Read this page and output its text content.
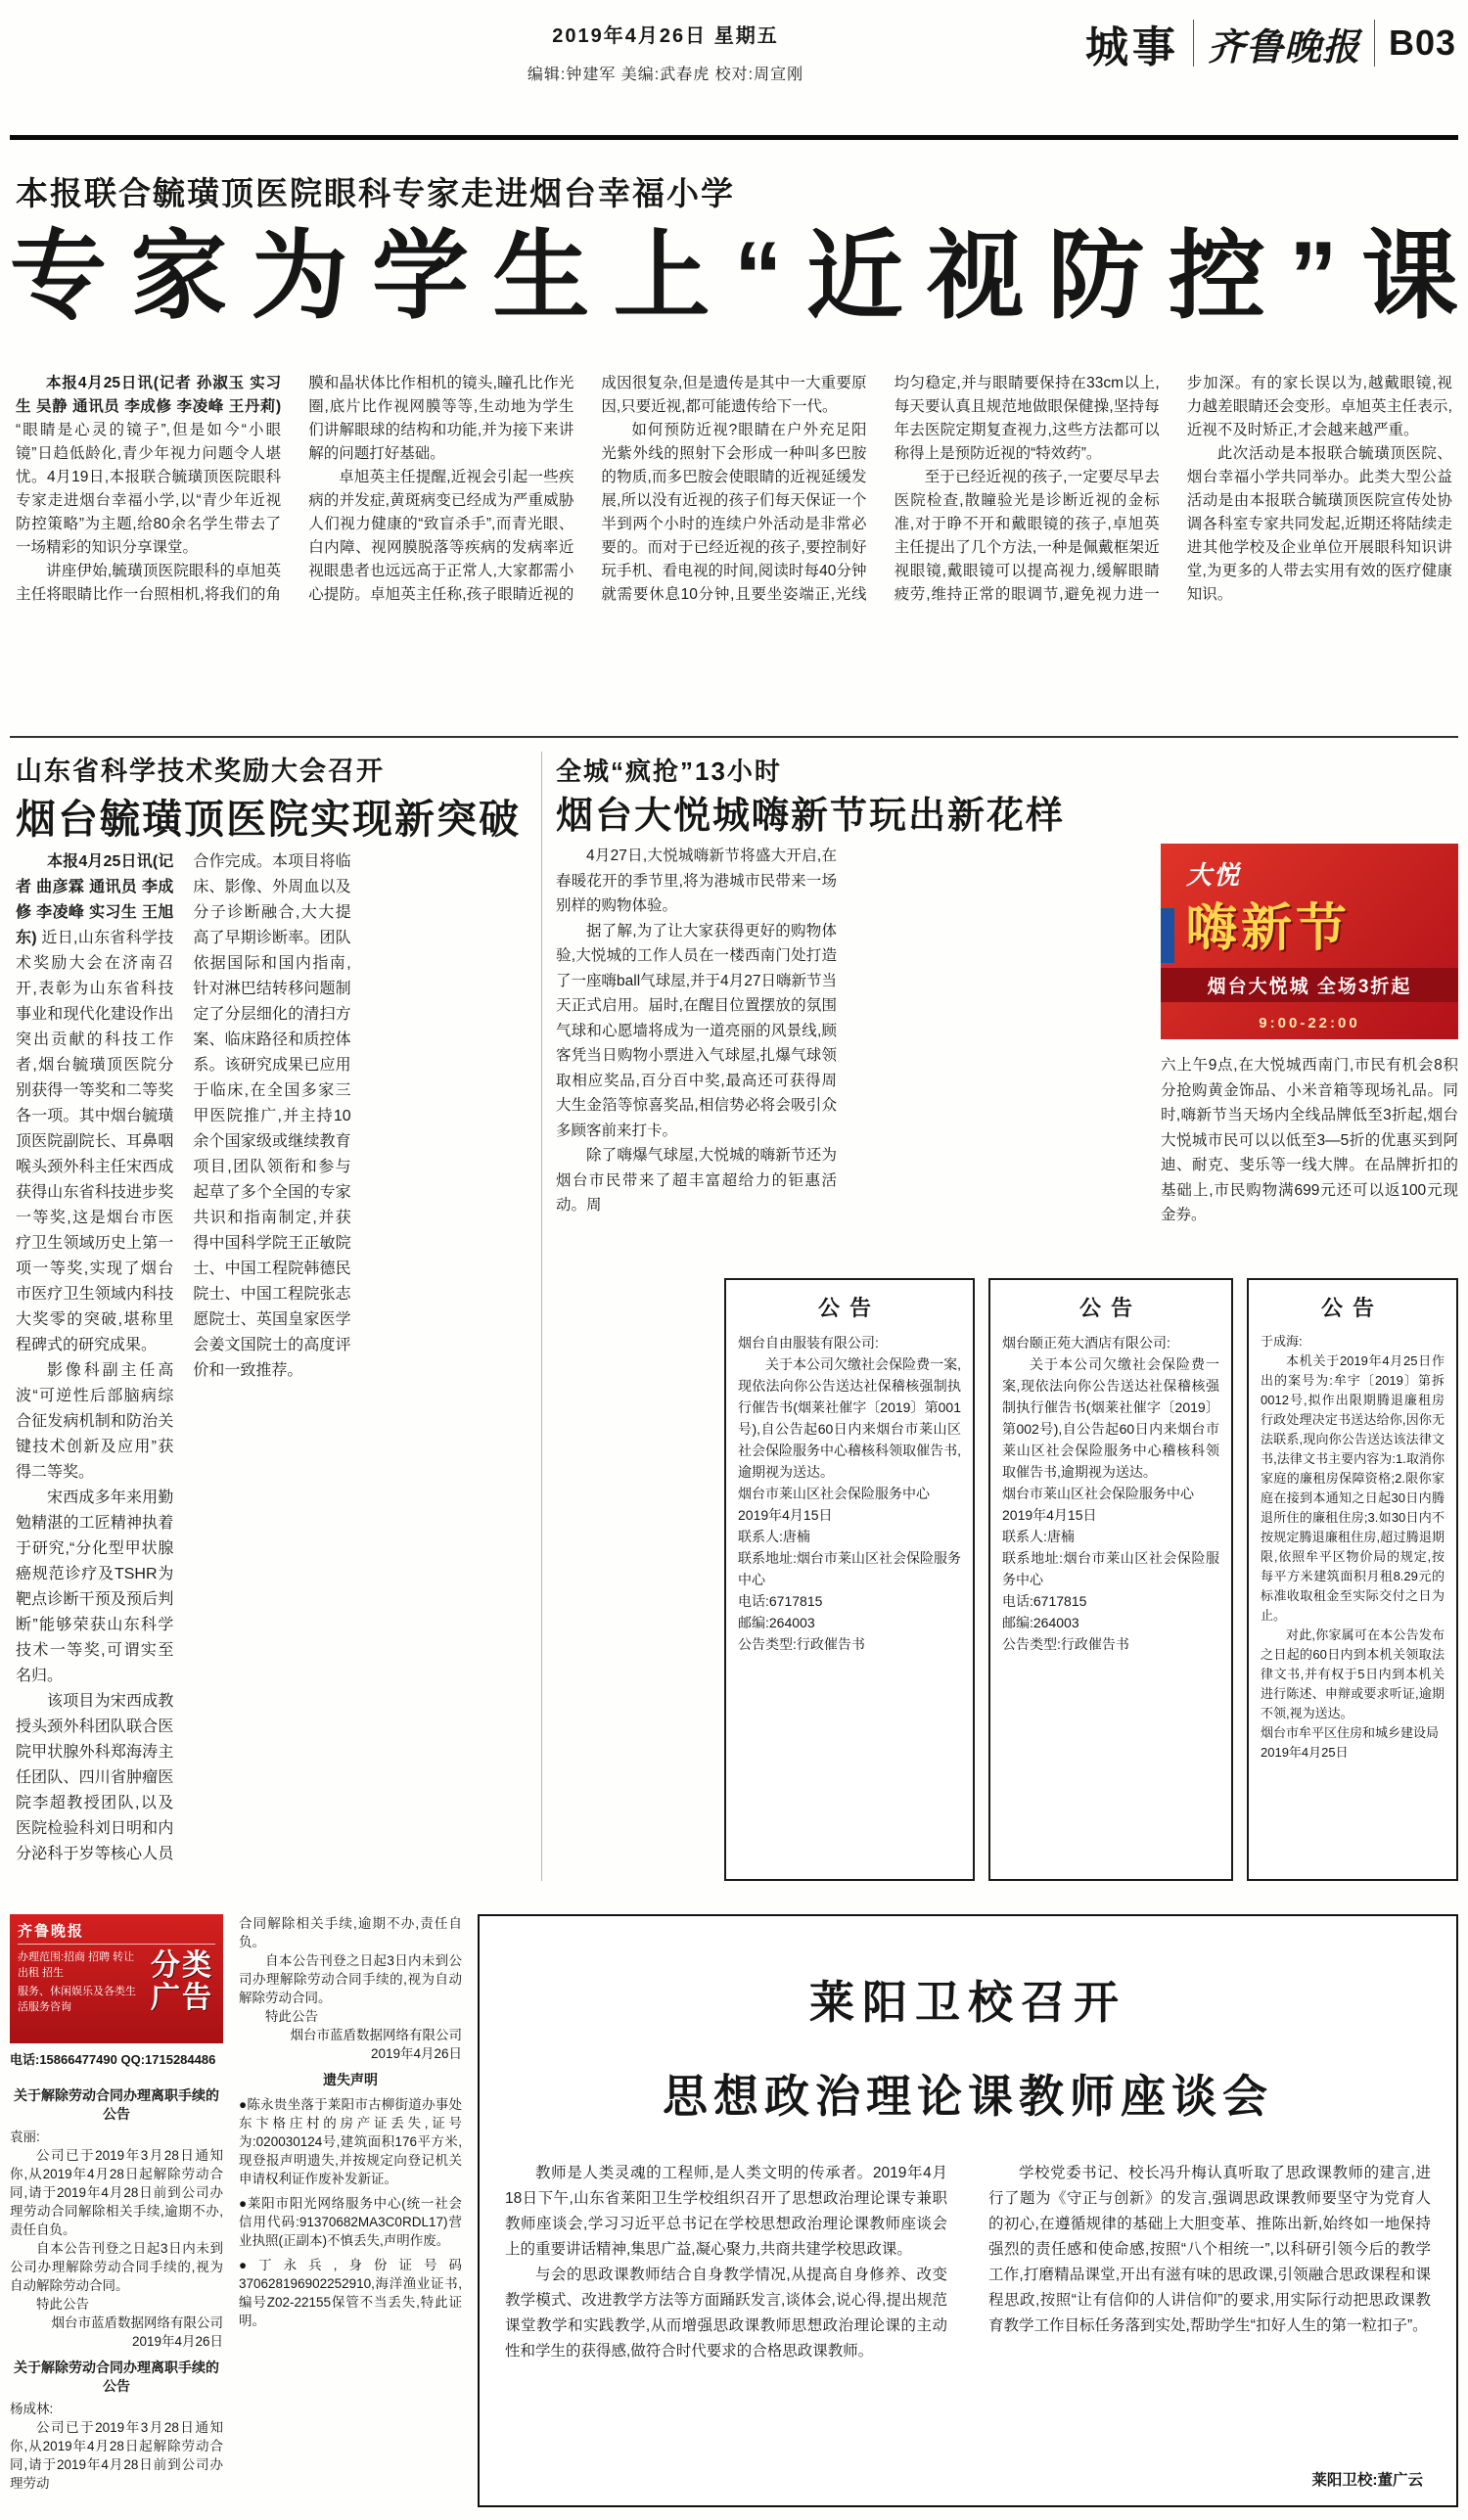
2019年4月26日 星期五
编辑:钟建军 美编:武春虎 校对:周宣刚
城事 齐鲁晚报 B03
本报联合毓璜顶医院眼科专家走进烟台幸福小学
专家为学生上“近视防控”课

本报4月25日讯(记者 孙淑玉 实习生 吴静 通讯员 李成修 李凌峰 王丹莉) “眼睛是心灵的镜子”,但是如今“小眼镜”日趋低龄化,青少年视力问题令人堪忧。4月19日,本报联合毓璜顶医院眼科专家走进烟台幸福小学,以“青少年近视防控策略”为主题,给80余名学生带去了一场精彩的知识分享课堂。

讲座伊始,毓璜顶医院眼科的卓旭英主任将眼睛比作一台照相机,将我们的角膜和晶状体比作相机的镜头,瞳孔比作光圈,底片比作视网膜等等,生动地为学生们讲解眼球的结构和功能,并为接下来讲解的问题打好基础。

卓旭英主任提醒,近视会引起一些疾病的并发症,黄斑病变已经成为严重威胁人们视力健康的“致盲杀手”,而青光眼、白内障、视网膜脱落等疾病的发病率近视眼患者也远远高于正常人,大家都需小心提防。卓旭英主任称,孩子眼睛近视的成因很复杂,但是遗传是其中一大重要原因,只要近视,都可能遗传给下一代。

如何预防近视?眼睛在户外充足阳光紫外线的照射下会形成一种叫多巴胺的物质,而多巴胺会使眼睛的近视延缓发展,所以没有近视的孩子们每天保证一个半到两个小时的连续户外活动是非常必要的。而对于已经近视的孩子,要控制好玩手机、看电视的时间,阅读时每40分钟就需要休息10分钟,且要坐姿端正,光线均匀稳定,并与眼睛要保持在33cm以上,每天要认真且规范地做眼保健操,坚持每年去医院定期复查视力,这些方法都可以称得上是预防近视的“特效药”。

至于已经近视的孩子,一定要尽早去医院检查,散瞳验光是诊断近视的金标准,对于睁不开和戴眼镜的孩子,卓旭英主任提出了几个方法,一种是佩戴框架近视眼镜,戴眼镜可以提高视力,缓解眼睛疲劳,维持正常的眼调节,避免视力进一步加深。有的家长误以为,越戴眼镜,视力越差眼睛还会变形。卓旭英主任表示,近视不及时矫正,才会越来越严重。

此次活动是本报联合毓璜顶医院、烟台幸福小学共同举办。此类大型公益活动是由本报联合毓璜顶医院宣传处协调各科室专家共同发起,近期还将陆续走进其他学校及企业单位开展眼科知识讲堂,为更多的人带去实用有效的医疗健康知识。

山东省科学技术奖励大会召开
烟台毓璜顶医院实现新突破

本报4月25日讯(记者 曲彦霖 通讯员 李成修 李凌峰 实习生 王旭东) 近日,山东省科学技术奖励大会在济南召开,表彰为山东省科技事业和现代化建设作出突出贡献的科技工作者,烟台毓璜顶医院分别获得一等奖和二等奖各一项。其中烟台毓璜顶医院副院长、耳鼻咽喉头颈外科主任宋西成获得山东省科技进步奖一等奖,这是烟台市医疗卫生领域历史上第一项一等奖,实现了烟台市医疗卫生领域内科技大奖零的突破,堪称里程碑式的研究成果。

影像科副主任高波“可逆性后部脑病综合征发病机制和防治关键技术创新及应用”获得二等奖。

宋西成多年来用勤勉精湛的工匠精神执着于研究,“分化型甲状腺癌规范诊疗及TSHR为靶点诊断干预及预后判断”能够荣获山东科学技术一等奖,可谓实至名归。

该项目为宋西成教授头颈外科团队联合医院甲状腺外科郑海涛主任团队、四川省肿瘤医院李超教授团队,以及医院检验科刘日明和内分泌科于岁等核心人员合作完成。本项目将临床、影像、外周血以及分子诊断融合,大大提高了早期诊断率。团队依据国际和国内指南,针对淋巴结转移问题制定了分层细化的清扫方案、临床路径和质控体系。该研究成果已应用于临床,在全国多家三甲医院推广,并主持10余个国家级或继续教育项目,团队领衔和参与起草了多个全国的专家共识和指南制定,并获得中国科学院王正敏院士、中国工程院韩德民院士、中国工程院张志愿院士、英国皇家医学会姜文国院士的高度评价和一致推荐。

全城“疯抢”13小时
烟台大悦城嗨新节玩出新花样

4月27日,大悦城嗨新节将盛大开启,在春暖花开的季节里,将为港城市民带来一场别样的购物体验。

据了解,为了让大家获得更好的购物体验,大悦城的工作人员在一楼西南门处打造了一座嗨ball气球屋,并于4月27日嗨新节当天正式启用。届时,在醒目位置摆放的氛围气球和心愿墙将成为一道亮丽的风景线,顾客凭当日购物小票进入气球屋,扎爆气球领取相应奖品,百分百中奖,最高还可获得周大生金箔等惊喜奖品,相信势必将会吸引众多顾客前来打卡。

除了嗨爆气球屋,大悦城的嗨新节还为烟台市民带来了超丰富超给力的钜惠活动。周

大悦
嗨新节
烟台大悦城 全场3折起
9:00-22:00
六上午9点,在大悦城西南门,市民有机会8积分抢购黄金饰品、小米音箱等现场礼品。同时,嗨新节当天场内全线品牌低至3折起,烟台大悦城市民可以以低至3—5折的优惠买到阿迪、耐克、斐乐等一线大牌。在品牌折扣的基础上,市民购物满699元还可以返100元现金券。
公告

烟台自由服装有限公司:

关于本公司欠缴社会保险费一案,现依法向你公告送达社保稽核强制执行催告书(烟莱社催字〔2019〕第001号),自公告起60日内来烟台市莱山区社会保险服务中心稽核科领取催告书,逾期视为送达。

烟台市莱山区社会保险服务中心

2019年4月15日

联系人:唐楠

联系地址:烟台市莱山区社会保险服务中心

电话:6717815

邮编:264003

公告类型:行政催告书

公告

烟台颐正苑大酒店有限公司:

关于本公司欠缴社会保险费一案,现依法向你公告送达社保稽核强制执行催告书(烟莱社催字〔2019〕第002号),自公告起60日内来烟台市莱山区社会保险服务中心稽核科领取催告书,逾期视为送达。

烟台市莱山区社会保险服务中心

2019年4月15日

联系人:唐楠

联系地址:烟台市莱山区社会保险服务中心

电话:6717815

邮编:264003

公告类型:行政催告书

公告

于成海:

本机关于2019年4月25日作出的案号为:牟宇〔2019〕第拆0012号,拟作出限期腾退廉租房行政处理决定书送达给你,因你无法联系,现向你公告送达该法律文书,法律文书主要内容为:1.取消你家庭的廉租房保障资格;2.限你家庭在接到本通知之日起30日内腾退所住的廉租住房;3.如30日内不按规定腾退廉租住房,超过腾退期限,依照牟平区物价局的规定,按每平方米建筑面积月租8.29元的标准收取租金至实际交付之日为止。

对此,你家属可在本公告发布之日起的60日内到本机关领取法律文书,并有权于5日内到本机关进行陈述、申辩或要求听证,逾期不领,视为送达。

烟台市牟平区住房和城乡建设局

2019年4月25日

齐鲁晚报

办理范围:招商 招聘 转让 出租 招生

服务、休闲娱乐及各类生活服务咨询

分类广告
电话:15866477490 QQ:1715284486

关于解除劳动合同办理离职手续的公告

袁丽:

公司已于2019年3月28日通知你,从2019年4月28日起解除劳动合同,请于2019年4月28日前到公司办理劳动合同解除相关手续,逾期不办,责任自负。

自本公告刊登之日起3日内未到公司办理解除劳动合同手续的,视为自动解除劳动合同。

特此公告

烟台市蓝盾数据网络有限公司

2019年4月26日

关于解除劳动合同办理离职手续的公告

杨成林:

公司已于2019年3月28日通知你,从2019年4月28日起解除劳动合同,请于2019年4月28日前到公司办理劳动

合同解除相关手续,逾期不办,责任自负。

自本公告刊登之日起3日内未到公司办理解除劳动合同手续的,视为自动解除劳动合同。

特此公告

烟台市蓝盾数据网络有限公司

2019年4月26日

遗失声明

●陈永贵坐落于莱阳市古柳街道办事处东卞格庄村的房产证丢失,证号为:020030124号,建筑面积176平方米,现登报声明遗失,并按规定向登记机关申请权利证作废补发新证。

●莱阳市阳光网络服务中心(统一社会信用代码:91370682MA3C0RDL17)营业执照(正副本)不慎丢失,声明作废。

●丁永兵,身份证号码370628196902252910,海洋渔业证书,编号Z02-22155保管不当丢失,特此证明。

莱阳卫校召开
思想政治理论课教师座谈会

教师是人类灵魂的工程师,是人类文明的传承者。2019年4月18日下午,山东省莱阳卫生学校组织召开了思想政治理论课专兼职教师座谈会,学习习近平总书记在学校思想政治理论课教师座谈会上的重要讲话精神,集思广益,凝心聚力,共商共建学校思政课。

与会的思政课教师结合自身教学情况,从提高自身修养、改变教学模式、改进教学方法等方面踊跃发言,谈体会,说心得,提出规范课堂教学和实践教学,从而增强思政课教师思想政治理论课的主动性和学生的获得感,做符合时代要求的合格思政课教师。

学校党委书记、校长冯升梅认真听取了思政课教师的建言,进行了题为《守正与创新》的发言,强调思政课教师要坚守为党育人的初心,在遵循规律的基础上大胆变革、推陈出新,始终如一地保持强烈的责任感和使命感,按照“八个相统一”,以科研引领今后的教学工作,打磨精品课堂,开出有滋有味的思政课,引领融合思政课程和课程思政,按照“让有信仰的人讲信仰”的要求,用实际行动把思政课教育教学工作目标任务落到实处,帮助学生“扣好人生的第一粒扣子”。

莱阳卫校:董广云
